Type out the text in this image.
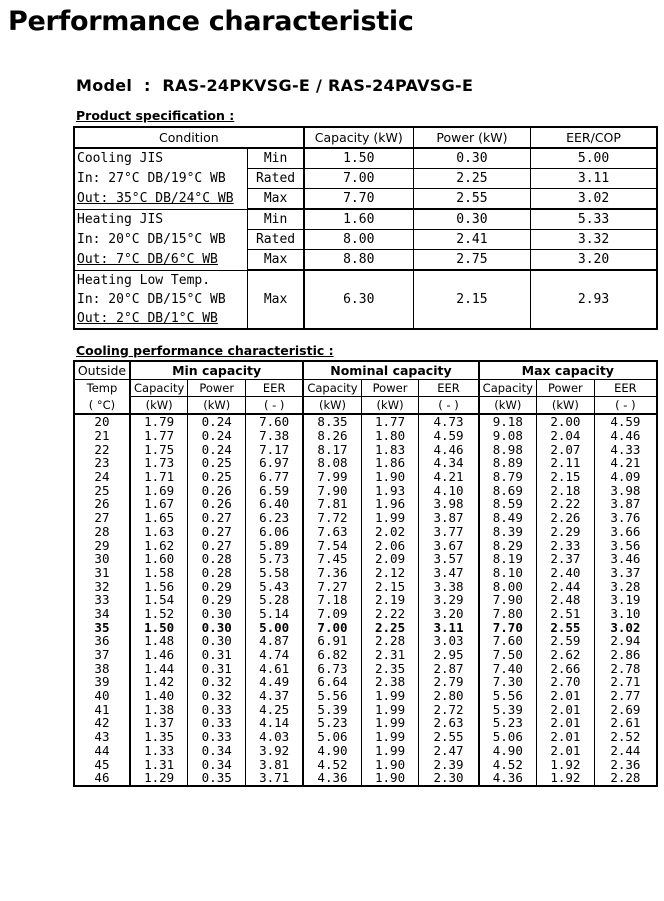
Performance characteristic
Model  :  RAS-24PKVSG-E / RAS-24PAVSG-E
Product specification :
Condition		Capacity (kW)	Power (kW)	EER/COP
Cooling JIS	Min	1.50	0.30	5.00
In: 27°C DB/19°C WB	Rated	7.00	2.25	3.11
Out: 35°C DB/24°C WB	Max	7.70	2.55	3.02
Heating JIS	Min	1.60	0.30	5.33
In: 20°C DB/15°C WB	Rated	8.00	2.41	3.32
Out: 7°C DB/6°C WB	Max	8.80	2.75	3.20
Heating Low Temp.	Max	6.30	2.15	2.93
In: 20°C DB/15°C WB				
Out: 2°C DB/1°C WB				
Cooling performance characteristic :
Outside	Min capacity			Nominal capacity			Max capacity		
Temp	Capacity	Power	EER	Capacity	Power	EER	Capacity	Power	EER
( °C)	(kW)	(kW)	( - )	(kW)	(kW)	( - )	(kW)	(kW)	( - )
20	1.79	0.24	7.60	8.35	1.77	4.73	9.18	2.00	4.59
21	1.77	0.24	7.38	8.26	1.80	4.59	9.08	2.04	4.46
22	1.75	0.24	7.17	8.17	1.83	4.46	8.98	2.07	4.33
23	1.73	0.25	6.97	8.08	1.86	4.34	8.89	2.11	4.21
24	1.71	0.25	6.77	7.99	1.90	4.21	8.79	2.15	4.09
25	1.69	0.26	6.59	7.90	1.93	4.10	8.69	2.18	3.98
26	1.67	0.26	6.40	7.81	1.96	3.98	8.59	2.22	3.87
27	1.65	0.27	6.23	7.72	1.99	3.87	8.49	2.26	3.76
28	1.63	0.27	6.06	7.63	2.02	3.77	8.39	2.29	3.66
29	1.62	0.27	5.89	7.54	2.06	3.67	8.29	2.33	3.56
30	1.60	0.28	5.73	7.45	2.09	3.57	8.19	2.37	3.46
31	1.58	0.28	5.58	7.36	2.12	3.47	8.10	2.40	3.37
32	1.56	0.29	5.43	7.27	2.15	3.38	8.00	2.44	3.28
33	1.54	0.29	5.28	7.18	2.19	3.29	7.90	2.48	3.19
34	1.52	0.30	5.14	7.09	2.22	3.20	7.80	2.51	3.10
35	1.50	0.30	5.00	7.00	2.25	3.11	7.70	2.55	3.02
36	1.48	0.30	4.87	6.91	2.28	3.03	7.60	2.59	2.94
37	1.46	0.31	4.74	6.82	2.31	2.95	7.50	2.62	2.86
38	1.44	0.31	4.61	6.73	2.35	2.87	7.40	2.66	2.78
39	1.42	0.32	4.49	6.64	2.38	2.79	7.30	2.70	2.71
40	1.40	0.32	4.37	5.56	1.99	2.80	5.56	2.01	2.77
41	1.38	0.33	4.25	5.39	1.99	2.72	5.39	2.01	2.69
42	1.37	0.33	4.14	5.23	1.99	2.63	5.23	2.01	2.61
43	1.35	0.33	4.03	5.06	1.99	2.55	5.06	2.01	2.52
44	1.33	0.34	3.92	4.90	1.99	2.47	4.90	2.01	2.44
45	1.31	0.34	3.81	4.52	1.90	2.39	4.52	1.92	2.36
46	1.29	0.35	3.71	4.36	1.90	2.30	4.36	1.92	2.28
